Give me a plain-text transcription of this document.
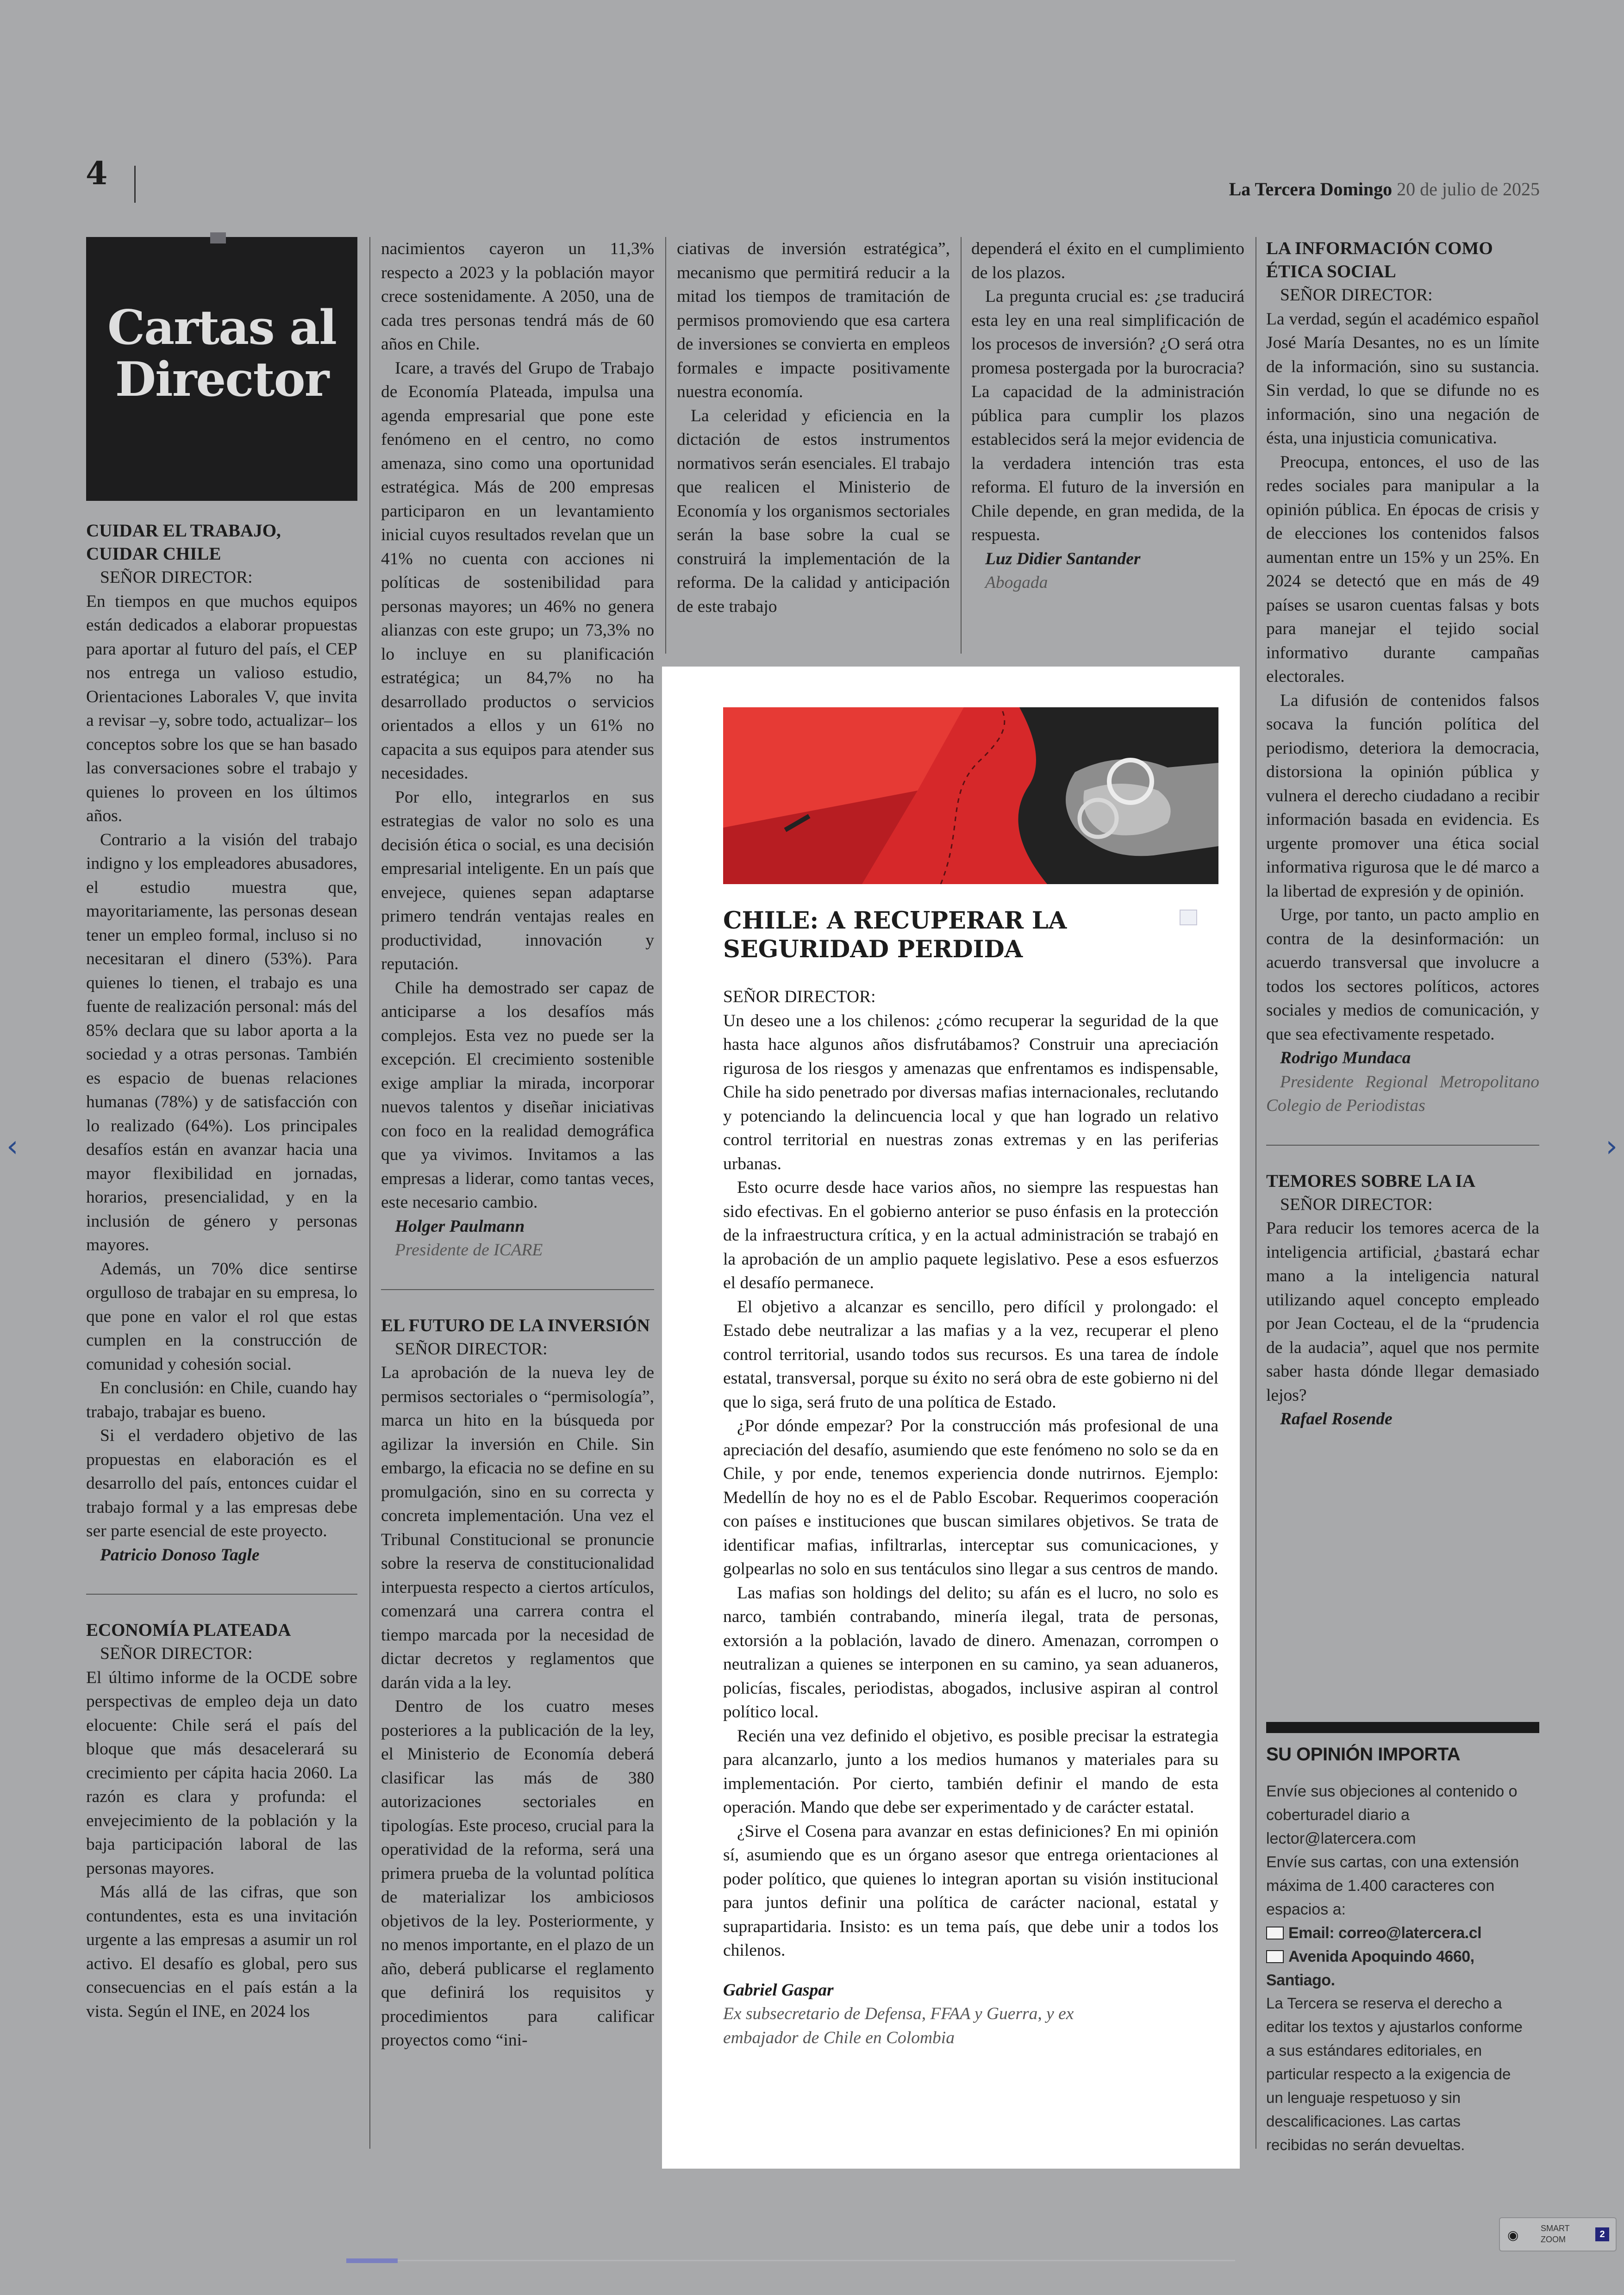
4	La Tercera Domingo 20 de julio de 2025
Cartas al Director
CUIDAR EL TRABAJO, CUIDAR CHILE

SEÑOR DIRECTOR:

En tiempos en que muchos equipos están dedicados a elaborar propuestas para aportar al futuro del país, el CEP nos entrega un valioso estudio, Orientaciones Laborales V, que invita a revisar –y, sobre todo, actualizar– los conceptos sobre los que se han basado las conversaciones sobre el trabajo y quienes lo proveen en los últimos años.

Contrario a la visión del trabajo indigno y los empleadores abusadores, el estudio muestra que, mayoritariamente, las personas desean tener un empleo formal, incluso si no necesitaran el dinero (53%). Para quienes lo tienen, el trabajo es una fuente de realización personal: más del 85% declara que su labor aporta a la sociedad y a otras personas. También es espacio de buenas relaciones humanas (78%) y de satisfacción con lo realizado (64%). Los principales desafíos están en avanzar hacia una mayor flexibilidad en jornadas, horarios, presencialidad, y en la inclusión de género y personas mayores.

Además, un 70% dice sentirse orgulloso de trabajar en su empresa, lo que pone en valor el rol que estas cumplen en la construcción de comunidad y cohesión social.

En conclusión: en Chile, cuando hay trabajo, trabajar es bueno.

Si el verdadero objetivo de las propuestas en elaboración es el desarrollo del país, entonces cuidar el trabajo formal y a las empresas debe ser parte esencial de este proyecto.

Patricio Donoso Tagle

ECONOMÍA PLATEADA

SEÑOR DIRECTOR:

El último informe de la OCDE sobre perspectivas de empleo deja un dato elocuente: Chile será el país del bloque que más desacelerará su crecimiento per cápita hacia 2060. La razón es clara y profunda: el envejecimiento de la población y la baja participación laboral de las personas mayores.

Más allá de las cifras, que son contundentes, esta es una invitación urgente a las empresas a asumir un rol activo. El desafío es global, pero sus consecuencias en el país están a la vista. Según el INE, en 2024 los

nacimientos cayeron un 11,3% respecto a 2023 y la población mayor crece sostenidamente. A 2050, una de cada tres personas tendrá más de 60 años en Chile.

Icare, a través del Grupo de Trabajo de Economía Plateada, impulsa una agenda empresarial que pone este fenómeno en el centro, no como amenaza, sino como una oportunidad estratégica. Más de 200 empresas participaron en un levantamiento inicial cuyos resultados revelan que un 41% no cuenta con acciones ni políticas de sostenibilidad para personas mayores; un 46% no genera alianzas con este grupo; un 73,3% no lo incluye en su planificación estratégica; un 84,7% no ha desarrollado productos o servicios orientados a ellos y un 61% no capacita a sus equipos para atender sus necesidades.

Por ello, integrarlos en sus estrategias de valor no solo es una decisión ética o social, es una decisión empresarial inteligente. En un país que envejece, quienes sepan adaptarse primero tendrán ventajas reales en productividad, innovación y reputación.

Chile ha demostrado ser capaz de anticiparse a los desafíos más complejos. Esta vez no puede ser la excepción. El crecimiento sostenible exige ampliar la mirada, incorporar nuevos talentos y diseñar iniciativas con foco en la realidad demográfica que ya vivimos. Invitamos a las empresas a liderar, como tantas veces, este necesario cambio.

Holger Paulmann

Presidente de ICARE

EL FUTURO DE LA INVERSIÓN

SEÑOR DIRECTOR:

La aprobación de la nueva ley de permisos sectoriales o “permisología”, marca un hito en la búsqueda por agilizar la inversión en Chile. Sin embargo, la eficacia no se define en su promulgación, sino en su correcta y concreta implementación. Una vez el Tribunal Constitucional se pronuncie sobre la reserva de constitucionalidad interpuesta respecto a ciertos artículos, comenzará una carrera contra el tiempo marcada por la necesidad de dictar decretos y reglamentos que darán vida a la ley.

Dentro de los cuatro meses posteriores a la publicación de la ley, el Ministerio de Economía deberá clasificar las más de 380 autorizaciones sectoriales en tipologías. Este proceso, crucial para la operatividad de la reforma, será una primera prueba de la voluntad política de materializar los ambiciosos objetivos de la ley. Posteriormente, y no menos importante, en el plazo de un año, deberá publicarse el reglamento que definirá los requisitos y procedimientos para calificar proyectos como “ini-

ciativas de inversión estratégica”, mecanismo que permitirá reducir a la mitad los tiempos de tramitación de permisos promoviendo que esa cartera de inversiones se convierta en empleos formales e impacte positivamente nuestra economía.

La celeridad y eficiencia en la dictación de estos instrumentos normativos serán esenciales. El trabajo que realicen el Ministerio de Economía y los organismos sectoriales serán la base sobre la cual se construirá la implementación de la reforma. De la calidad y anticipación de este trabajo

dependerá el éxito en el cumplimiento de los plazos.

La pregunta crucial es: ¿se traducirá esta ley en una real simplificación de los procesos de inversión? ¿O será otra promesa postergada por la burocracia? La capacidad de la administración pública para cumplir los plazos establecidos será la mejor evidencia de la verdadera intención tras esta reforma. El futuro de la inversión en Chile depende, en gran medida, de la respuesta.

Luz Didier Santander

Abogada

CHILE: A RECUPERAR LA SEGURIDAD PERDIDA

SEÑOR DIRECTOR:

Un deseo une a los chilenos: ¿cómo recuperar la seguridad de la que hasta hace algunos años disfrutábamos? Construir una apreciación rigurosa de los riesgos y amenazas que enfrentamos es indispensable, Chile ha sido penetrado por diversas mafias internacionales, reclutando y potenciando la delincuencia local y que han logrado un relativo control territorial en nuestras zonas extremas y en las periferias urbanas.

Esto ocurre desde hace varios años, no siempre las respuestas han sido efectivas. En el gobierno anterior se puso énfasis en la protección de la infraestructura crítica, y en la actual administración se trabajó en la aprobación de un amplio paquete legislativo. Pese a esos esfuerzos el desafío permanece.

El objetivo a alcanzar es sencillo, pero difícil y prolongado: el Estado debe neutralizar a las mafias y a la vez, recuperar el pleno control territorial, usando todos sus recursos. Es una tarea de índole estatal, transversal, porque su éxito no será obra de este gobierno ni del que lo siga, será fruto de una política de Estado.

¿Por dónde empezar? Por la construcción más profesional de una apreciación del desafío, asumiendo que este fenómeno no solo se da en Chile, y por ende, tenemos experiencia donde nutrirnos. Ejemplo: Medellín de hoy no es el de Pablo Escobar. Requerimos cooperación con países e instituciones que buscan similares objetivos. Se trata de identificar mafias, infiltrarlas, interceptar sus comunicaciones, y golpearlas no solo en sus tentáculos sino llegar a sus centros de mando.

Las mafias son holdings del delito; su afán es el lucro, no solo es narco, también contrabando, minería ilegal, trata de personas, extorsión a la población, lavado de dinero. Amenazan, corrompen o neutralizan a quienes se interponen en su camino, ya sean aduaneros, policías, fiscales, periodistas, abogados, inclusive aspiran al control político local.

Recién una vez definido el objetivo, es posible precisar la estrategia para alcanzarlo, junto a los medios humanos y materiales para su implementación. Por cierto, también definir el mando de esta operación. Mando que debe ser experimentado y de carácter estatal.

¿Sirve el Cosena para avanzar en estas definiciones? En mi opinión sí, asumiendo que es un órgano asesor que entrega orientaciones al poder político, que quienes lo integran aportan su visión institucional para juntos definir una política de carácter nacional, estatal y suprapartidaria. Insisto: es un tema país, que debe unir a todos los chilenos.

Gabriel Gaspar

Ex subsecretario de Defensa, FFAA y Guerra, y ex embajador de Chile en Colombia

LA INFORMACIÓN COMO ÉTICA SOCIAL

SEÑOR DIRECTOR:

La verdad, según el académico español José María Desantes, no es un límite de la información, sino su sustancia. Sin verdad, lo que se difunde no es información, sino una negación de ésta, una injusticia comunicativa.

Preocupa, entonces, el uso de las redes sociales para manipular a la opinión pública. En épocas de crisis y de elecciones los contenidos falsos aumentan entre un 15% y un 25%. En 2024 se detectó que en más de 49 países se usaron cuentas falsas y bots para manejar el tejido social informativo durante campañas electorales.

La difusión de contenidos falsos socava la función política del periodismo, deteriora la democracia, distorsiona la opinión pública y vulnera el derecho ciudadano a recibir información basada en evidencia. Es urgente promover una ética social informativa rigurosa que le dé marco a la libertad de expresión y de opinión.

Urge, por tanto, un pacto amplio en contra de la desinformación: un acuerdo transversal que involucre a todos los sectores políticos, actores sociales y medios de comunicación, y que sea efectivamente respetado.

Rodrigo Mundaca

Presidente Regional Metropolitano Colegio de Periodistas

TEMORES SOBRE LA IA

SEÑOR DIRECTOR:

Para reducir los temores acerca de la inteligencia artificial, ¿bastará echar mano a la inteligencia natural utilizando aquel concepto empleado por Jean Cocteau, el de la “prudencia de la audacia”, aquel que nos permite saber hasta dónde llegar demasiado lejos?

Rafael Rosende

SU OPINIÓN IMPORTA
Envíe sus objeciones al contenido o coberturadel diario a lector@latercera.com
Envíe sus cartas, con una extensión máxima de 1.400 caracteres con espacios a:
Email: correo@latercera.cl
Avenida Apoquindo 4660, Santiago.
La Tercera se reserva el derecho a editar los textos y ajustarlos conforme a sus estándares editoriales, en particular respecto a la exigencia de un lenguaje respetuoso y sin descalificaciones. Las cartas recibidas no serán devueltas.
‹	›
◉	SMART
ZOOM	2
